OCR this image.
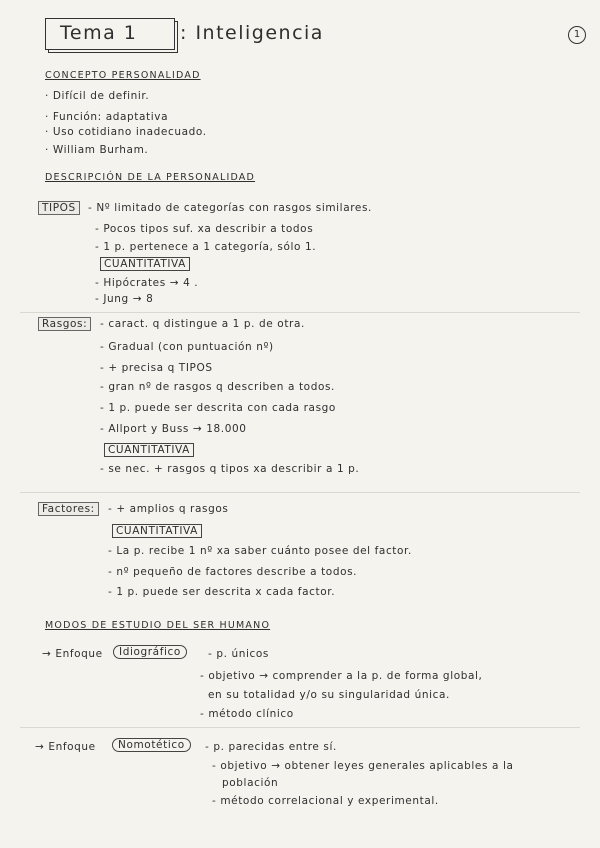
Tema 1 : Inteligencia	1
CONCEPTO PERSONALIDAD
· Difícil de definir.
· Función: adaptativa
· Uso cotidiano inadecuado.
· William Burham.
DESCRIPCIÓN DE LA PERSONALIDAD
TIPOS	- Nº limitado de categorías con rasgos similares.
- Pocos tipos suf. xa describir a todos
- 1 p. pertenece a 1 categoría, sólo 1.
CUANTITATIVA
- Hipócrates → 4 .
- Jung → 8
Rasgos:	- caract. q distingue a 1 p. de otra.
- Gradual (con puntuación nº)
- + precisa q TIPOS
- gran nº de rasgos q describen a todos.
- 1 p. puede ser descrita con cada rasgo
- Allport y Buss → 18.000
CUANTITATIVA
- se nec. + rasgos q tipos xa describir a 1 p.
Factores:	- + amplios q rasgos
CUANTITATIVA
- La p. recibe 1 nº xa saber cuánto posee del factor.
- nº pequeño de factores describe a todos.
- 1 p. puede ser descrita x cada factor.
MODOS DE ESTUDIO DEL SER HUMANO
→ Enfoque	Idiográfico	- p. únicos
- objetivo → comprender a la p. de forma global,
en su totalidad y/o su singularidad única.
- método clínico
→ Enfoque	Nomotético	- p. parecidas entre sí.
- objetivo → obtener leyes generales aplicables a la
población
- método correlacional y experimental.
